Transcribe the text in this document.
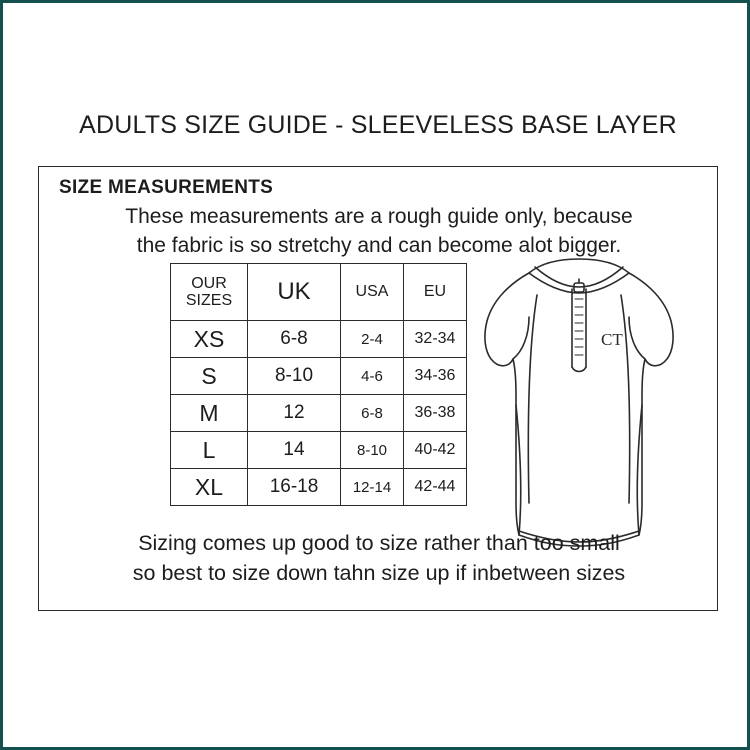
ADULTS SIZE GUIDE - SLEEVELESS BASE LAYER
SIZE MEASUREMENTS
These measurements are a rough guide only, because
the fabric is so stretchy and can become alot bigger.
OUR
SIZES	UK	USA	EU
XS	6-8	2-4	32-34
S	8-10	4-6	34-36
M	12	6-8	36-38
L	14	8-10	40-42
XL	16-18	12-14	42-44
CT
Sizing comes up good to size rather than too small
so best to size down tahn size up if inbetween sizes
